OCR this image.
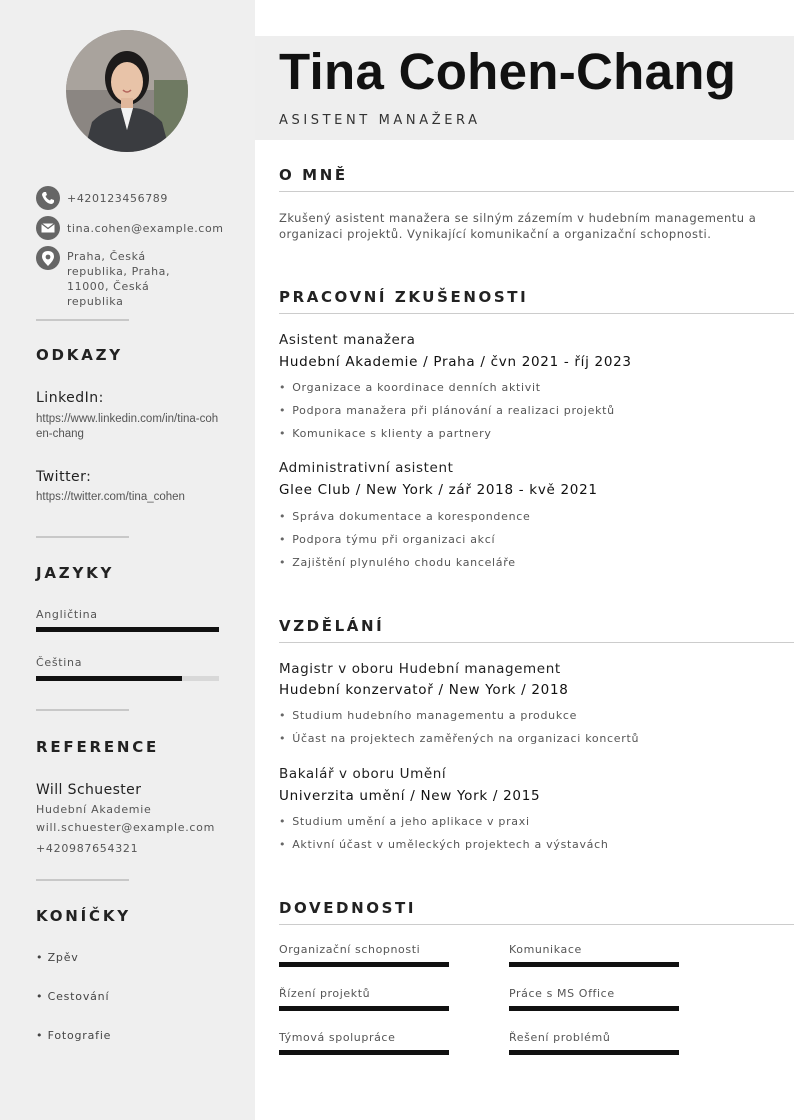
+420123456789
tina.cohen@example.com
Praha, Česká republika, Praha, 11000, Česká republika
ODKAZY
LinkedIn:
https://www.linkedin.com/in/tina-cohen-chang
Twitter:
https://twitter.com/tina_cohen
JAZYKY
Angličtina
Čeština
REFERENCE
Will Schuester
Hudební Akademie
will.schuester@example.com
+420987654321
KONÍČKY
• Zpěv
• Cestování
• Fotografie
Tina Cohen-Chang
ASISTENT MANAŽERA
O MNĚ
Zkušený asistent manažera se silným zázemím v hudebním managementu a organizaci projektů. Vynikající komunikační a organizační schopnosti.
PRACOVNÍ ZKUŠENOSTI
Asistent manažera
Hudební Akademie / Praha / čvn 2021 - říj 2023
• Organizace a koordinace denních aktivit
• Podpora manažera při plánování a realizaci projektů
• Komunikace s klienty a partnery
Administrativní asistent
Glee Club / New York / zář 2018 - kvě 2021
• Správa dokumentace a korespondence
• Podpora týmu při organizaci akcí
• Zajištění plynulého chodu kanceláře
VZDĚLÁNÍ
Magistr v oboru Hudební management
Hudební konzervatoř / New York / 2018
• Studium hudebního managementu a produkce
• Účast na projektech zaměřených na organizaci koncertů
Bakalář v oboru Umění
Univerzita umění / New York / 2015
• Studium umění a jeho aplikace v praxi
• Aktivní účast v uměleckých projektech a výstavách
DOVEDNOSTI
Organizační schopnosti	Komunikace
Řízení projektů	Práce s MS Office
Týmová spolupráce	Řešení problémů
